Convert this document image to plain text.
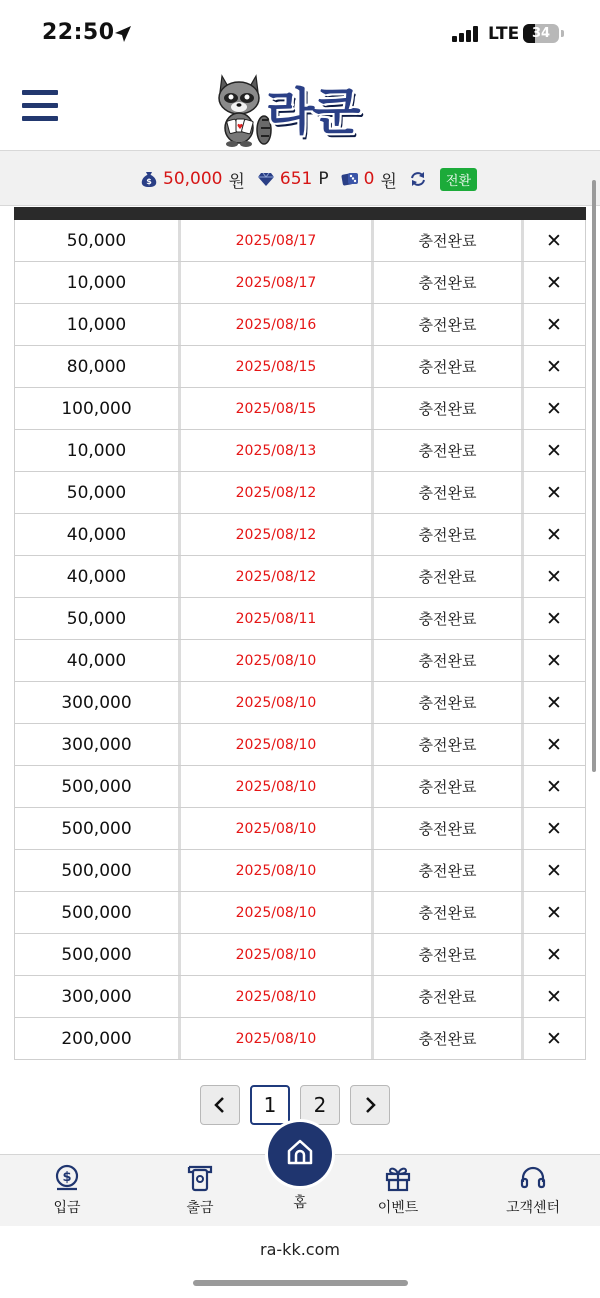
22:50	LTE 34
♥ 라쿤
$ 50,000 원 651 P 0 원	전환
50,000	2025/08/17	충전완료	✕
10,000	2025/08/17	충전완료	✕
10,000	2025/08/16	충전완료	✕
80,000	2025/08/15	충전완료	✕
100,000	2025/08/15	충전완료	✕
10,000	2025/08/13	충전완료	✕
50,000	2025/08/12	충전완료	✕
40,000	2025/08/12	충전완료	✕
40,000	2025/08/12	충전완료	✕
50,000	2025/08/11	충전완료	✕
40,000	2025/08/10	충전완료	✕
300,000	2025/08/10	충전완료	✕
300,000	2025/08/10	충전완료	✕
500,000	2025/08/10	충전완료	✕
500,000	2025/08/10	충전완료	✕
500,000	2025/08/10	충전완료	✕
500,000	2025/08/10	충전완료	✕
500,000	2025/08/10	충전완료	✕
300,000	2025/08/10	충전완료	✕
200,000	2025/08/10	충전완료	✕
1	2
$
입금	출금	이벤트	고객센터
홈
ra-kk.com
